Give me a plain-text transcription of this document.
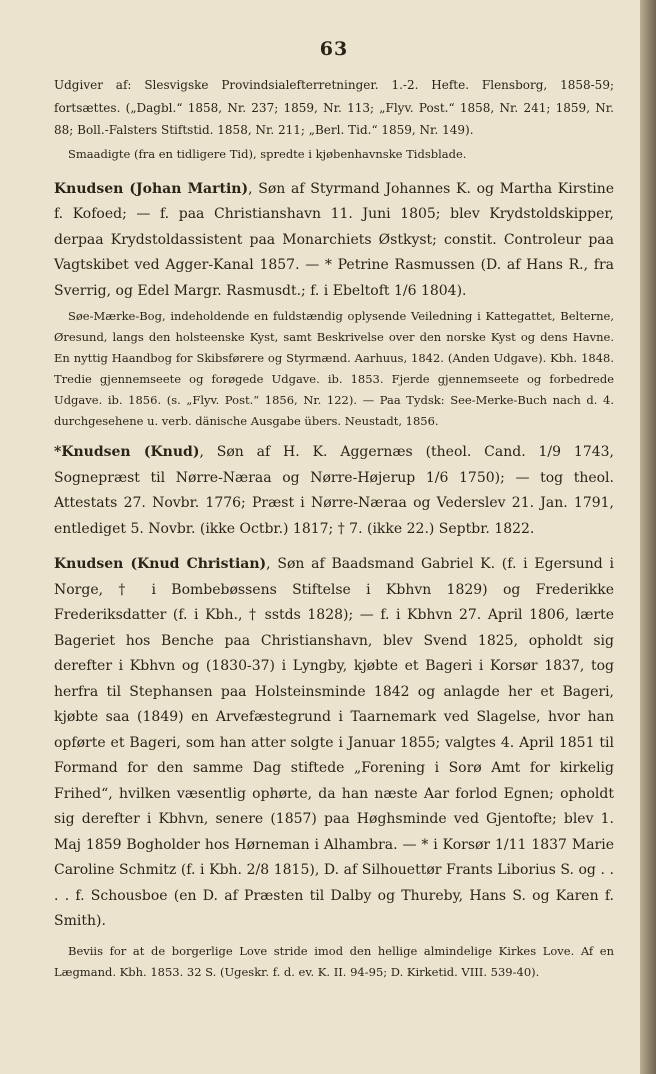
63

Udgiver af: Slesvigske Provindsialefterretninger. 1.-2. Hefte. Flensborg, 1858-59; fortsættes. („Dagbl.“ 1858, Nr. 237; 1859, Nr. 113; „Flyv. Post.“ 1858, Nr. 241; 1859, Nr. 88; Boll.-Falsters Stiftstid. 1858, Nr. 211; „Berl. Tid.“ 1859, Nr. 149).

Smaadigte (fra en tidligere Tid), spredte i kjøbenhavnske Tidsblade.

Knudsen (Johan Martin), Søn af Styrmand Johannes K. og Martha Kirstine f. Kofoed; — f. paa Christianshavn 11. Juni 1805; blev Krydstoldskipper, derpaa Krydstoldassistent paa Monarchiets Østkyst; constit. Controleur paa Vagtskibet ved Agger-Kanal 1857. — * Petrine Rasmussen (D. af Hans R., fra Sverrig, og Edel Margr. Rasmusdt.; f. i Ebeltoft 1/6 1804).

Søe-Mærke-Bog, indeholdende en fuldstændig oplysende Veiledning i Kattegattet, Belterne, Øresund, langs den holsteenske Kyst, samt Beskrivelse over den norske Kyst og dens Havne. En nyttig Haandbog for Skibsførere og Styrmænd. Aarhuus, 1842. (Anden Udgave). Kbh. 1848. Tredie gjennemseete og forøgede Udgave. ib. 1853. Fjerde gjennemseete og forbedrede Udgave. ib. 1856. (s. „Flyv. Post.“ 1856, Nr. 122). — Paa Tydsk: See-Merke-Buch nach d. 4. durchgesehene u. verb. dänische Ausgabe übers. Neustadt, 1856.

*Knudsen (Knud), Søn af H. K. Aggernæs (theol. Cand. 1/9 1743, Sognepræst til Nørre-Næraa og Nørre-Højerup 1/6 1750); — tog theol. Attestats 27. Novbr. 1776; Præst i Nørre-Næraa og Vederslev 21. Jan. 1791, entlediget 5. Novbr. (ikke Octbr.) 1817; † 7. (ikke 22.) Septbr. 1822.

Knudsen (Knud Christian), Søn af Baadsmand Gabriel K. (f. i Egersund i Norge, † i Bombebøssens Stiftelse i Kbhvn 1829) og Frederikke Frederiksdatter (f. i Kbh., † sstds 1828); — f. i Kbhvn 27. April 1806, lærte Bageriet hos Benche paa Christianshavn, blev Svend 1825, opholdt sig derefter i Kbhvn og (1830-37) i Lyngby, kjøbte et Bageri i Korsør 1837, tog herfra til Stephansen paa Holsteinsminde 1842 og anlagde her et Bageri, kjøbte saa (1849) en Arvefæstegrund i Taarnemark ved Slagelse, hvor han opførte et Bageri, som han atter solgte i Januar 1855; valgtes 4. April 1851 til Formand for den samme Dag stiftede „Forening i Sorø Amt for kirkelig Frihed“, hvilken væsentlig ophørte, da han næste Aar forlod Egnen; opholdt sig derefter i Kbhvn, senere (1857) paa Høghsminde ved Gjentofte; blev 1. Maj 1859 Bogholder hos Hørneman i Alhambra. — * i Korsør 1/11 1837 Marie Caroline Schmitz (f. i Kbh. 2/8 1815), D. af Silhouettør Frants Liborius S. og . . . . f. Schousboe (en D. af Præsten til Dalby og Thureby, Hans S. og Karen f. Smith).

Beviis for at de borgerlige Love stride imod den hellige almindelige Kirkes Love. Af en Lægmand. Kbh. 1853. 32 S. (Ugeskr. f. d. ev. K. II. 94-95; D. Kirketid. VIII. 539-40).
